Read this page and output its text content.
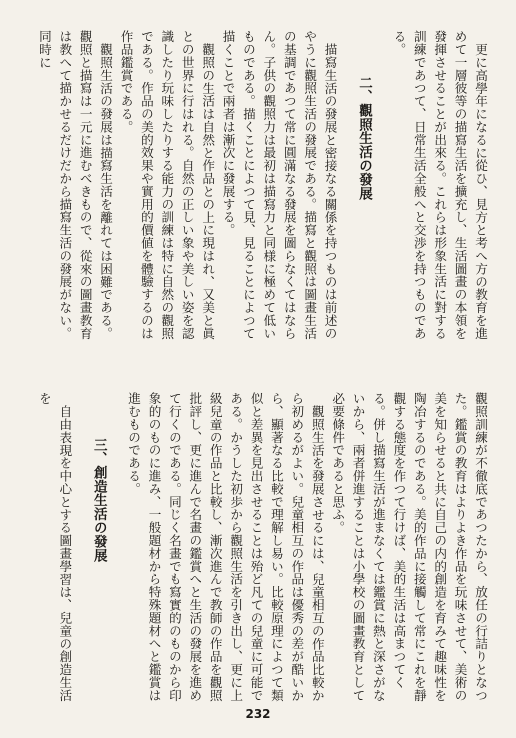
更に高學年になるに從ひ、見方と考へ方の教育を進めて一層彼等の描寫生活を擴充し、生活圖畫の本領を發揮させることが出來る。これらは形象生活に對する訓練であつて、日常生活全般へと交渉を持つものである。

二、觀照生活の發展

描寫生活の發展と密接なる關係を持つものは前述のやうに觀照生活の發展である。描寫と觀照は圖畫生活の基調であつて常に圓滿なる發展を圖らなくてはならん。子供の觀照力は最初は描寫力と同様に極めて低いものである。描くことによつて見、見ることによつて描くことで兩者は漸次に發展する。

觀照の生活は自然と作品との上に現はれ、又美と眞との世界に行はれる。自然の正しい象や美しい姿を認識したり玩味したりする能力の訓練は特に自然の觀照である。作品の美的效果や實用的價値を體驗するのは作品鑑賞である。

觀照生活の發展は描寫生活を離れては困難である。觀照と描寫は一元に進むべきもので、從來の圖畫教育は教へて描かせるだけだから描寫生活の發展がない。同時に

觀照訓練が不徹底であつたから、放任の行詰りとなつた。鑑賞の教育はよりよき作品を玩味させて、美術の美を知らせると共に自己の内的創造を育みて趣味性を陶冶するのである。美的作品に接觸して常にこれを靜觀する態度を作つて行けば、美的生活は高まつてくる。併し描寫生活が進まなくては鑑賞に熱と深さがないから、兩者併進することは小學校の圖畫教育として必要條件であると思ふ。

觀照生活を發展させるには、兒童相互の作品比較から初めるがよい。兒童相互の作品は優秀の差が酷いから、顯著なる比較で理解し易い。比較原理によつて類似と差異を見出させることは殆ど凡ての兒童に可能である。かうした初歩から觀照生活を引き出し、更に上級兒童の作品と比較し、漸次進んで教師の作品を觀照批評し、更に進んで名畫の鑑賞へと生活の發展を進めて行くのである。同じく名畫でも寫實的のものから印象的のものに進み、一般題材から特殊題材へと鑑賞は進むものである。

三、創造生活の發展

自由表現を中心とする圖畫學習は、兒童の創造生活を

232
